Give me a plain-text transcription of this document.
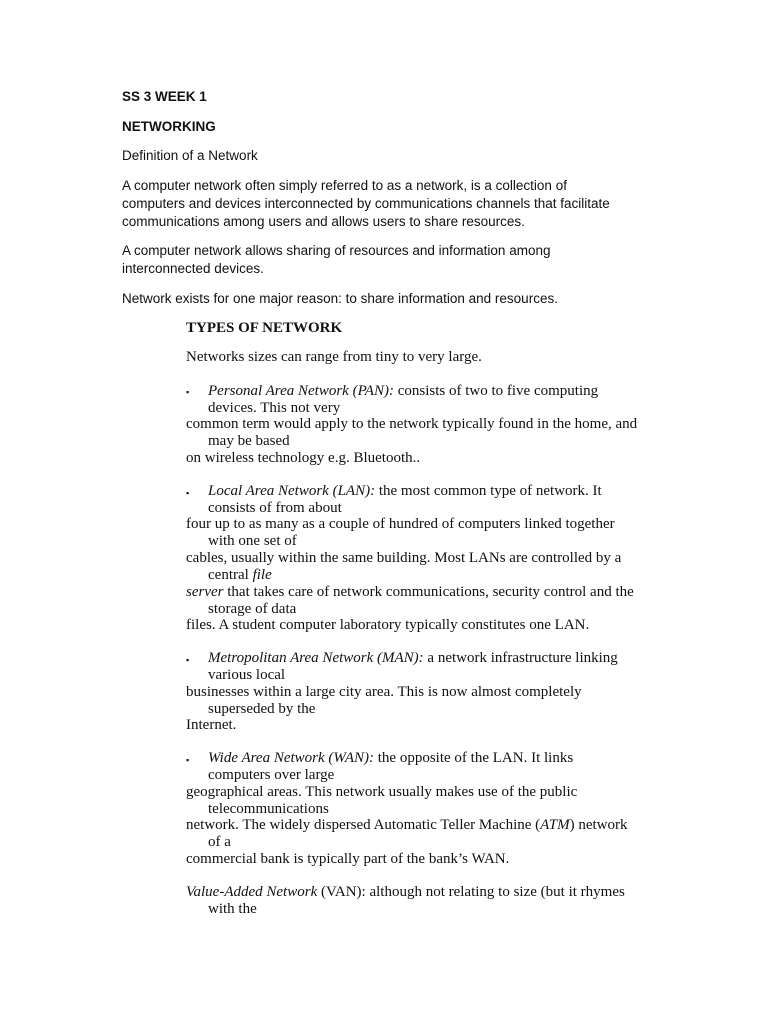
SS 3 WEEK 1
NETWORKING
Definition of a Network
A computer network often simply referred to as a network, is a collection of
computers and devices interconnected by communications channels that facilitate
communications among users and allows users to share resources.
A computer network allows sharing of resources and information among
interconnected devices.
Network exists for one major reason: to share information and resources.
TYPES OF NETWORK
Networks sizes can range from tiny to very large.
▪ Personal Area Network (PAN): consists of two to five computing
devices. This not very
common term would apply to the network typically found in the home, and
may be based
on wireless technology e.g. Bluetooth..
▪ Local Area Network (LAN): the most common type of network. It
consists of from about
four up to as many as a couple of hundred of computers linked together
with one set of
cables, usually within the same building. Most LANs are controlled by a
central file
server that takes care of network communications, security control and the
storage of data
files. A student computer laboratory typically constitutes one LAN.
▪ Metropolitan Area Network (MAN): a network infrastructure linking
various local
businesses within a large city area. This is now almost completely
superseded by the
Internet.
▪ Wide Area Network (WAN): the opposite of the LAN. It links
computers over large
geographical areas. This network usually makes use of the public
telecommunications
network. The widely dispersed Automatic Teller Machine (ATM) network
of a
commercial bank is typically part of the bank’s WAN.
Value-Added Network (VAN): although not relating to size (but it rhymes
with the
